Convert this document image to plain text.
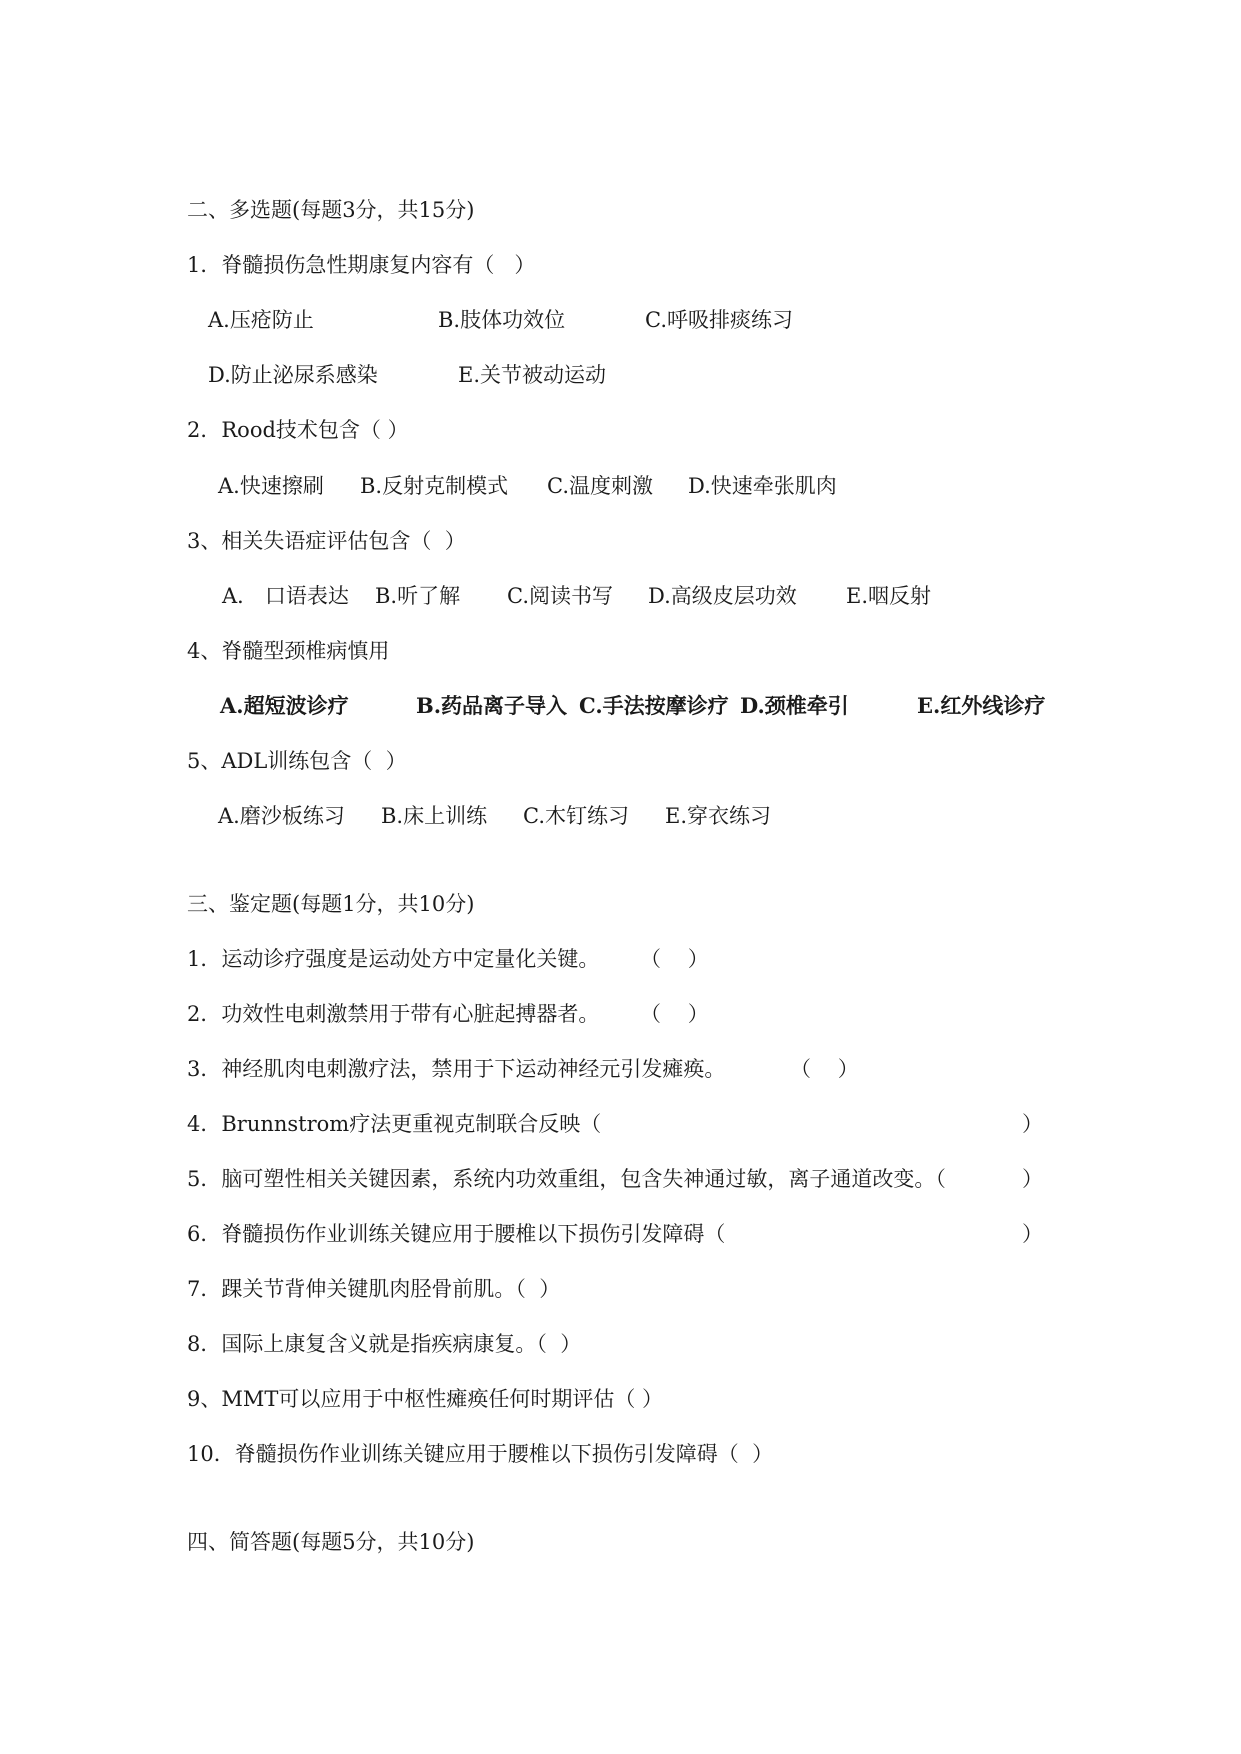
二、多选题(每题3分，共15分)
1．脊髓损伤急性期康复内容有（   ）
A.压疮防止	B.肢体功效位	C.呼吸排痰练习
D.防止泌尿系感染	E.关节被动运动
2．Rood技术包含（ ）
A.快速擦刷 B.反射克制模式 C.温度刺激 D.快速牵张肌肉
3、相关失语症评估包含（  ）
A． 口语表达 B.听了解 C.阅读书写 D.高级皮层功效 E.咽反射
4、脊髓型颈椎病慎用
A.超短波诊疗	B.药品离子导入 C.手法按摩诊疗 D.颈椎牵引	E.红外线诊疗
5、ADL训练包含（  ）
A.磨沙板练习 B.床上训练 C.木钉练习 E.穿衣练习
三、鉴定题(每题1分，共10分)
1．运动诊疗强度是运动处方中定量化关键。 （    ）
2．功效性电刺激禁用于带有心脏起搏器者。 （    ）
3．神经肌肉电刺激疗法，禁用于下运动神经元引发瘫痪。	（    ）
4．Brunnstrom疗法更重视克制联合反映（	）
5．脑可塑性相关关键因素，系统内功效重组，包含失神通过敏，离子通道改变。（	）
6．脊髓损伤作业训练关键应用于腰椎以下损伤引发障碍（	）
7．踝关节背伸关键肌肉胫骨前肌。（  ）
8．国际上康复含义就是指疾病康复。（  ）
9、MMT可以应用于中枢性瘫痪任何时期评估（ ）
10．脊髓损伤作业训练关键应用于腰椎以下损伤引发障碍（  ）
四、简答题(每题5分，共10分)
